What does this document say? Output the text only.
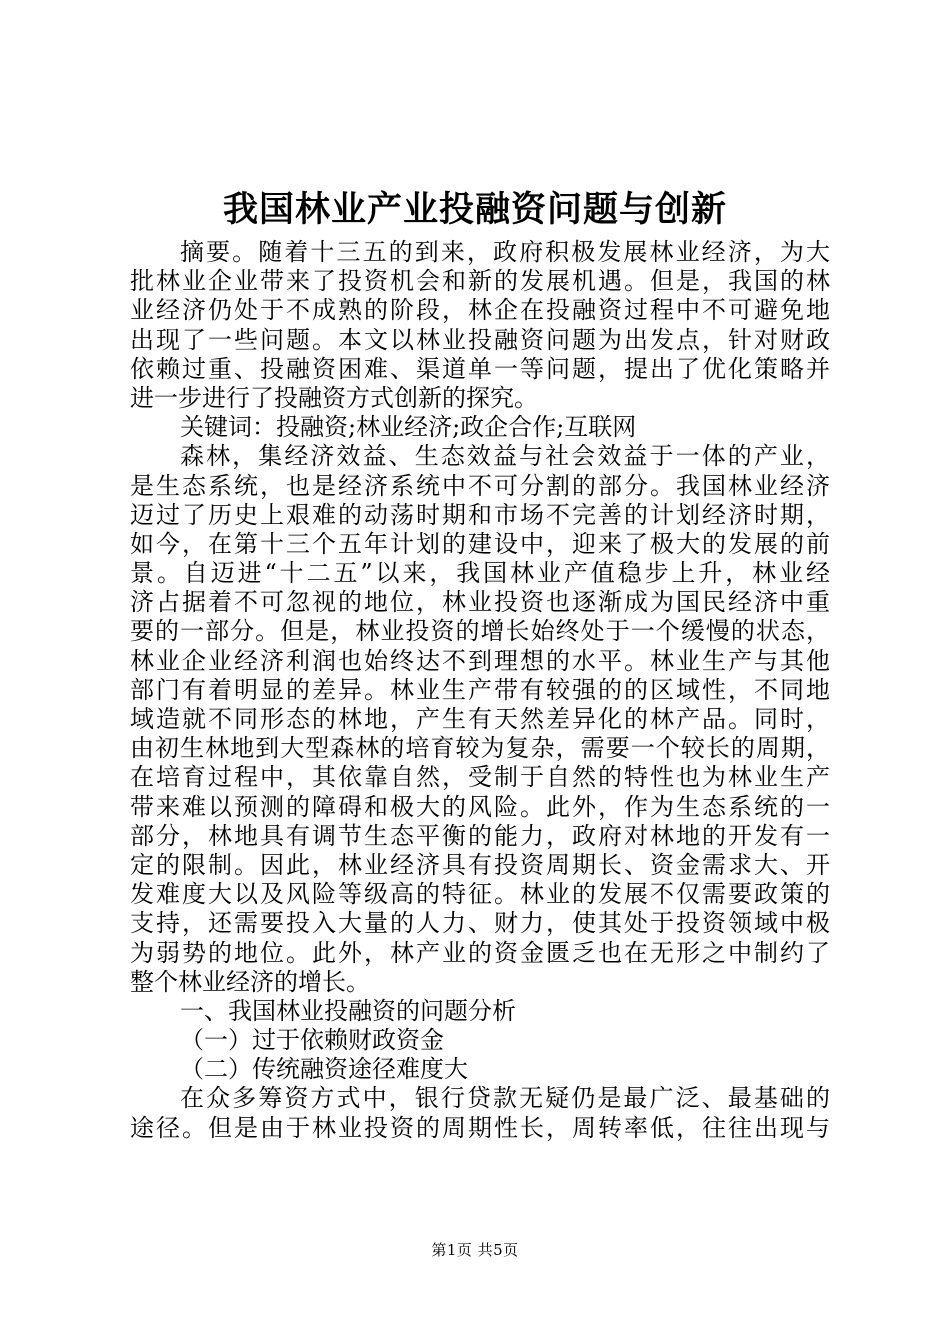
我国林业产业投融资问题与创新
摘要。随着十三五的到来，政府积极发展林业经济，为大
批林业企业带来了投资机会和新的发展机遇。但是，我国的林
业经济仍处于不成熟的阶段，林企在投融资过程中不可避免地
出现了一些问题。本文以林业投融资问题为出发点，针对财政
依赖过重、投融资困难、渠道单一等问题，提出了优化策略并
进一步进行了投融资方式创新的探究。
关键词：投融资;林业经济;政企合作;互联网
森林，集经济效益、生态效益与社会效益于一体的产业，
是生态系统，也是经济系统中不可分割的部分。我国林业经济
迈过了历史上艰难的动荡时期和市场不完善的计划经济时期，
如今，在第十三个五年计划的建设中，迎来了极大的发展的前
景。自迈进“十二五”以来，我国林业产值稳步上升，林业经
济占据着不可忽视的地位，林业投资也逐渐成为国民经济中重
要的一部分。但是，林业投资的增长始终处于一个缓慢的状态，
林业企业经济利润也始终达不到理想的水平。林业生产与其他
部门有着明显的差异。林业生产带有较强的的区域性，不同地
域造就不同形态的林地，产生有天然差异化的林产品。同时，
由初生林地到大型森林的培育较为复杂，需要一个较长的周期，
在培育过程中，其依靠自然，受制于自然的特性也为林业生产
带来难以预测的障碍和极大的风险。此外，作为生态系统的一
部分，林地具有调节生态平衡的能力，政府对林地的开发有一
定的限制。因此，林业经济具有投资周期长、资金需求大、开
发难度大以及风险等级高的特征。林业的发展不仅需要政策的
支持，还需要投入大量的人力、财力，使其处于投资领域中极
为弱势的地位。此外，林产业的资金匮乏也在无形之中制约了
整个林业经济的增长。
一、我国林业投融资的问题分析
（一）过于依赖财政资金
（二）传统融资途径难度大
在众多筹资方式中，银行贷款无疑仍是最广泛、最基础的
途径。但是由于林业投资的周期性长，周转率低，往往出现与
第1页 共5页
